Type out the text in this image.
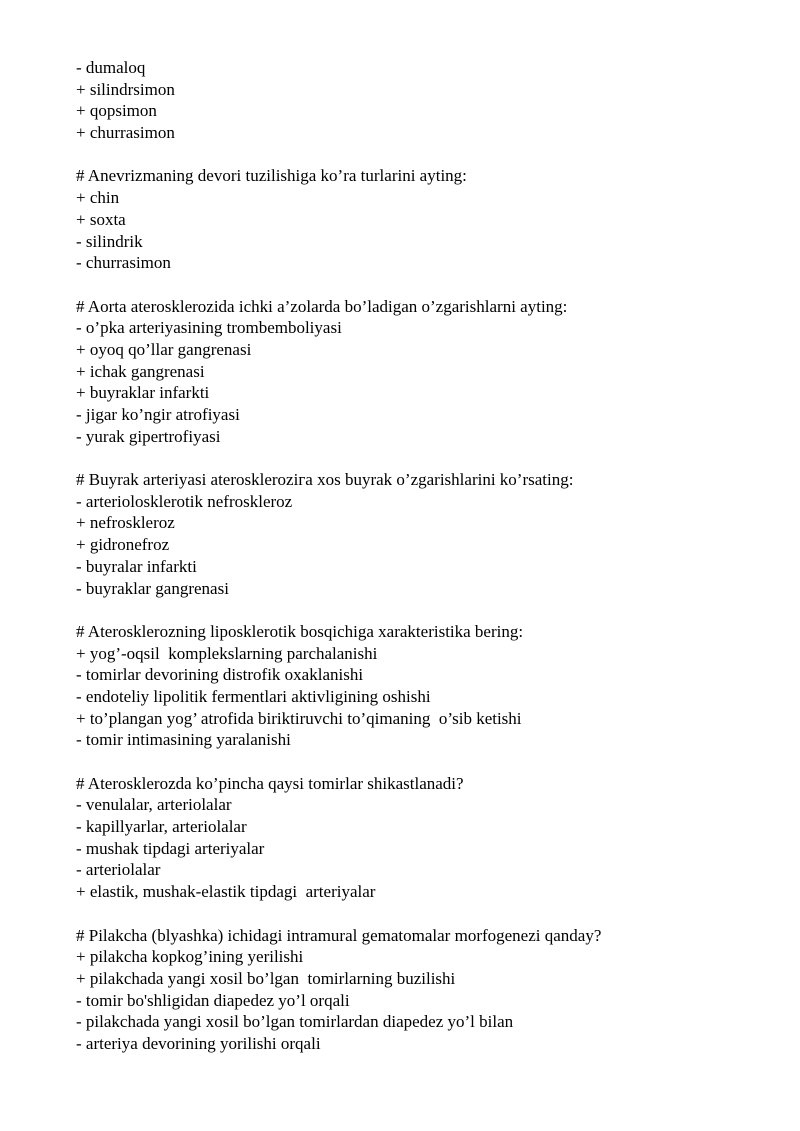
- dumaloq
+ silindrsimon
+ qopsimon
+ churrasimon
# Anevrizmaning devori tuzilishiga ko’ra turlarini ayting:
+ chin
+ soxta
- silindrik
- churrasimon
# Aorta aterosklerozida ichki a’zolarda bo’ladigan o’zgarishlarni ayting:
- o’pka arteriyasining trombemboliyasi
+ oyoq qo’llar gangrenasi
+ ichak gangrenasi
+ buyraklar infarkti
- jigar ko’ngir atrofiyasi
- yurak gipertrofiyasi
# Buyrak arteriyasi ateroskleroziга xos buyrak o’zgarishlarini ko’rsating:
- arteriolosklerotik nefroskleroz
+ nefroskleroz
+ gidronefroz
- buyralar infarkti
- buyraklar gangrenasi
# Aterosklerozning liposklerotik bosqichiga xarakteristika bering:
+ yog’-oqsil  komplekslarning parchalanishi
- tomirlar devorining distrofik oxaklanishi
- endoteliy lipolitik fermentlari aktivligining oshishi
+ to’plangan yog’ atrofida biriktiruvchi to’qimaning  o’sib ketishi
- tomir intimasining yaralanishi
# Aterosklerozda ko’pincha qaysi tomirlar shikastlanadi?
- venulalar, arteriolalar
- kapillyarlar, arteriolalar
- mushak tipdagi arteriyalar
- arteriolalar
+ elastik, mushak-elastik tipdagi  arteriyalar
# Pilakcha (blyashka) ichidagi intramural gematomalar morfogenezi qanday?
+ pilakcha kopkog’ining yerilishi
+ pilakchada yangi xosil bo’lgan  tomirlarning buzilishi
- tomir bo'shligidan diapedez yo’l orqali
- pilakchada yangi xosil bo’lgan tomirlardan diapedez yo’l bilan
- arteriya devorining yorilishi orqali
